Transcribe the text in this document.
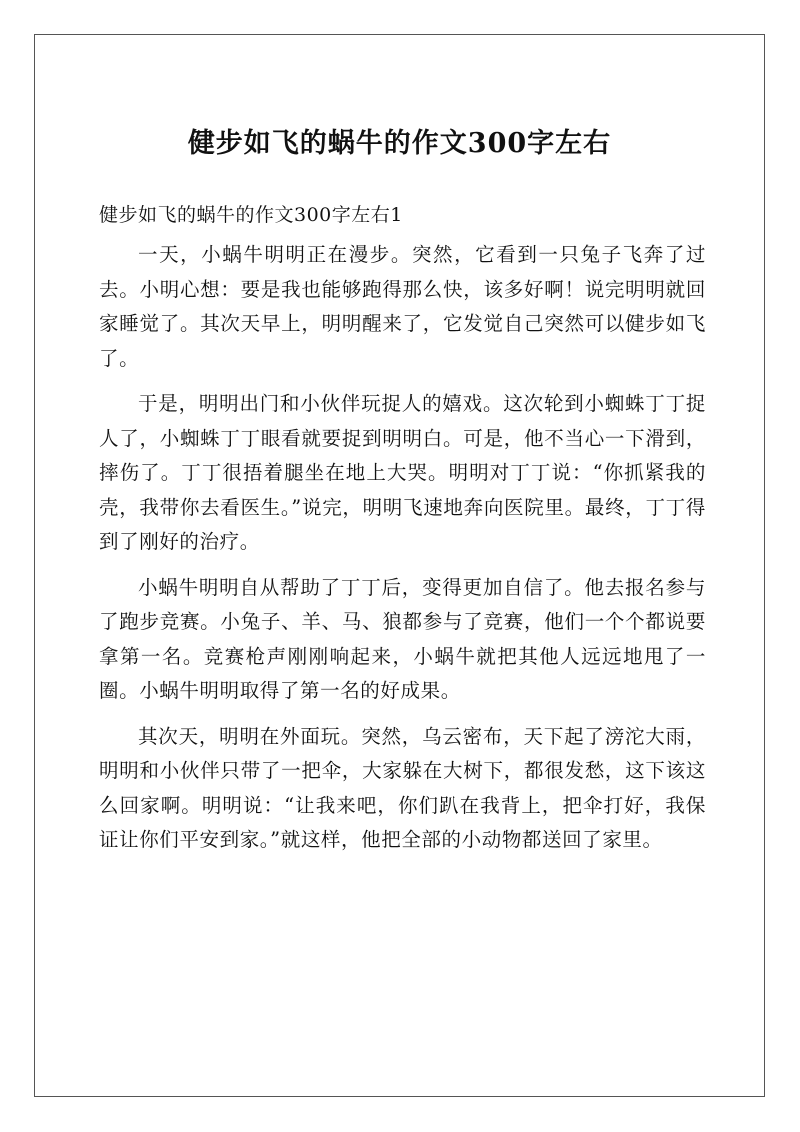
健步如飞的蜗牛的作文300字左右

健步如飞的蜗牛的作文300字左右1

一天，小蜗牛明明正在漫步。突然，它看到一只兔子飞奔了过去。小明心想：要是我也能够跑得那么快，该多好啊！说完明明就回家睡觉了。其次天早上，明明醒来了，它发觉自己突然可以健步如飞了。

于是，明明出门和小伙伴玩捉人的嬉戏。这次轮到小蜘蛛丁丁捉人了，小蜘蛛丁丁眼看就要捉到明明白。可是，他不当心一下滑到，摔伤了。丁丁很捂着腿坐在地上大哭。明明对丁丁说：“你抓紧我的壳，我带你去看医生。”说完，明明飞速地奔向医院里。最终，丁丁得到了刚好的治疗。

小蜗牛明明自从帮助了丁丁后，变得更加自信了。他去报名参与了跑步竞赛。小兔子、羊、马、狼都参与了竞赛，他们一个个都说要拿第一名。竞赛枪声刚刚响起来，小蜗牛就把其他人远远地甩了一圈。小蜗牛明明取得了第一名的好成果。

其次天，明明在外面玩。突然，乌云密布，天下起了滂沱大雨，明明和小伙伴只带了一把伞，大家躲在大树下，都很发愁，这下该这么回家啊。明明说：“让我来吧，你们趴在我背上，把伞打好，我保证让你们平安到家。”就这样，他把全部的小动物都送回了家里。
